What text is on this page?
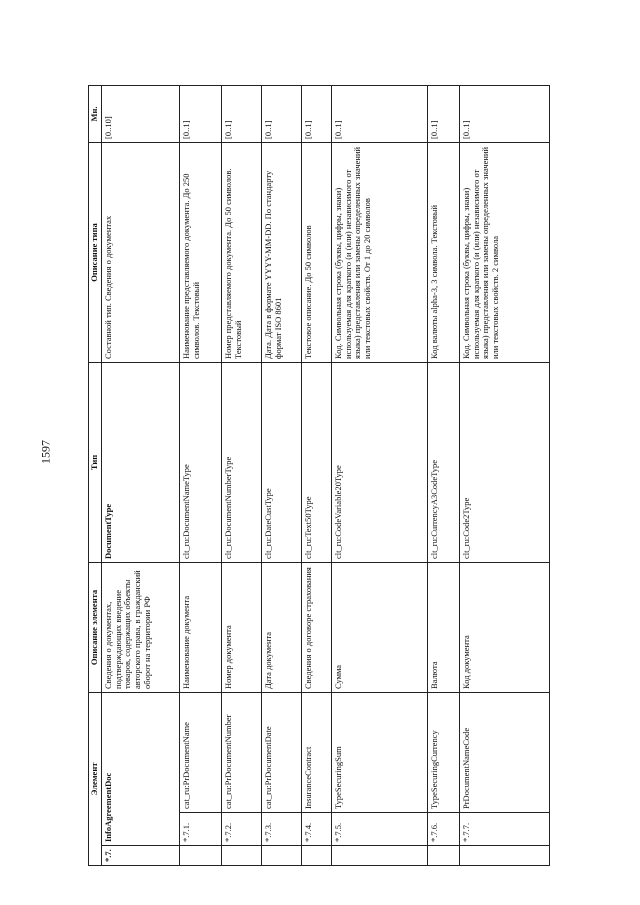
1597
Элемент			Описание элемента	Тип	Описание типа	Мн.
*.7.	InfoAgreementDoc		Сведения о документах, подтверждающих введение товаров, содержащих объекты авторского права, в гражданский оборот на территории РФ	DocumentType	Составной тип. Сведения о документах	[0..10]
	*.7.1.	cat_ru:PrDocumentName	Наименование документа	clt_ru:DocumentNameType	Наименование представляемого документа. До 250 символов. Текстовый	[0..1]
	*.7.2.	cat_ru:PrDocumentNumber	Номер документа	clt_ru:DocumentNumberType	Номер представляемого документа. До 50 символов. Текстовый	[0..1]
	*.7.3.	cat_ru:PrDocumentDate	Дата документа	clt_ru:DateCustType	Дата. Дата в формате YYYY-MM-DD. По стандарту формат ISO 8601	[0..1]
	*.7.4.	InsuranceContract	Сведения о договоре страхования	clt_ru:Text50Type	Текстовое описание. До 50 символов	[0..1]
	*.7.5.	TypeSecuringSum	Сумма	clt_ru:CodeVariable20Type	Код. Символьная строка (буквы, цифры, знаки) используемая для краткого (и (или) независимого от языка) представления или замены определенных значений или текстовых свойств. От 1 до 20 символов	[0..1]
	*.7.6.	TypeSecuringCurrency	Валюта	clt_ru:CurrencyA3CodeType	Код валюты alpha-3, 3 символа. Текстовый	[0..1]
	*.7.7.	PrDocumentNameCode	Код документа	clt_ru:Code2Type	Код. Символьная строка (буквы, цифры, знаки) используемая для краткого (и (или) независимого от языка) представления или замены определенных значений или текстовых свойств. 2 символа	[0..1]
